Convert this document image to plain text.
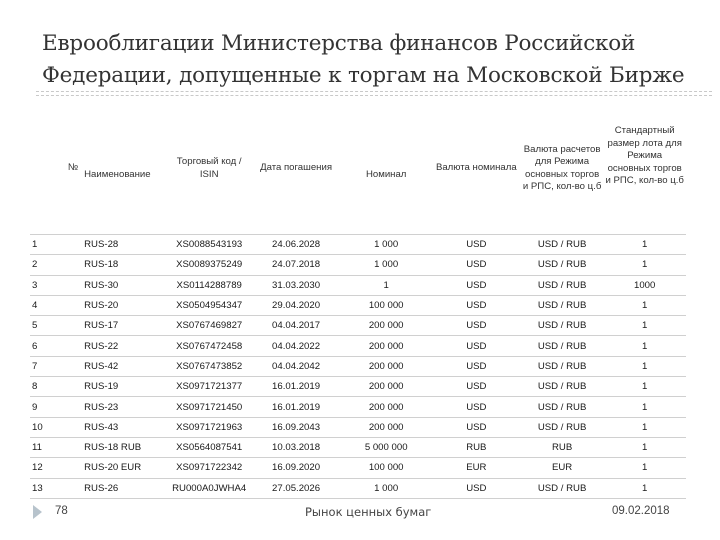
Еврооблигации Министерства финансов Российской Федерации, допущенные к торгам на Московской Бирже
№	Наименование	Торговый код / ISIN	Дата погашения	Номинал	Валюта номинала	Валюта расчетов для Режима основных торгов и РПС, кол-во ц.б	Стандартный размер лота для Режима основных торгов и РПС, кол-во ц.б
1	RUS-28	XS0088543193	24.06.2028	1 000	USD	USD / RUB	1
2	RUS-18	XS0089375249	24.07.2018	1 000	USD	USD / RUB	1
3	RUS-30	XS0114288789	31.03.2030	1	USD	USD / RUB	1000
4	RUS-20	XS0504954347	29.04.2020	100 000	USD	USD / RUB	1
5	RUS-17	XS0767469827	04.04.2017	200 000	USD	USD / RUB	1
6	RUS-22	XS0767472458	04.04.2022	200 000	USD	USD / RUB	1
7	RUS-42	XS0767473852	04.04.2042	200 000	USD	USD / RUB	1
8	RUS-19	XS0971721377	16.01.2019	200 000	USD	USD / RUB	1
9	RUS-23	XS0971721450	16.01.2019	200 000	USD	USD / RUB	1
10	RUS-43	XS0971721963	16.09.2043	200 000	USD	USD / RUB	1
11	RUS-18 RUB	XS0564087541	10.03.2018	5 000 000	RUB	RUB	1
12	RUS-20 EUR	XS0971722342	16.09.2020	100 000	EUR	EUR	1
13	RUS-26	RU000A0JWHA4	27.05.2026	1 000	USD	USD / RUB	1
78	Рынок ценных бумаг	09.02.2018
